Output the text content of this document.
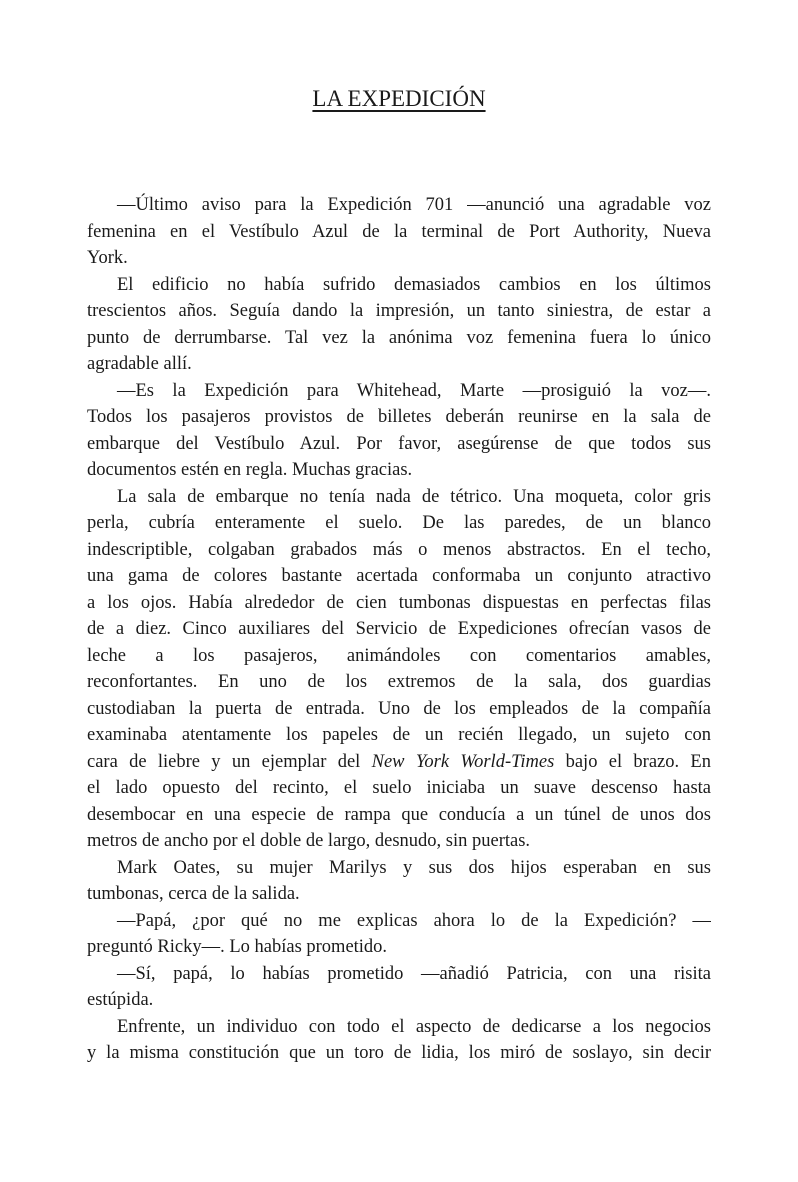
LA EXPEDICIÓN
—Último aviso para la Expedición 701 —anunció una agradable voz
femenina en el Vestíbulo Azul de la terminal de Port Authority, Nueva
York.
El edificio no había sufrido demasiados cambios en los últimos
trescientos años. Seguía dando la impresión, un tanto siniestra, de estar a
punto de derrumbarse. Tal vez la anónima voz femenina fuera lo único
agradable allí.
—Es la Expedición para Whitehead, Marte —prosiguió la voz—.
Todos los pasajeros provistos de billetes deberán reunirse en la sala de
embarque del Vestíbulo Azul. Por favor, asegúrense de que todos sus
documentos estén en regla. Muchas gracias.
La sala de embarque no tenía nada de tétrico. Una moqueta, color gris
perla, cubría enteramente el suelo. De las paredes, de un blanco
indescriptible, colgaban grabados más o menos abstractos. En el techo,
una gama de colores bastante acertada conformaba un conjunto atractivo
a los ojos. Había alrededor de cien tumbonas dispuestas en perfectas filas
de a diez. Cinco auxiliares del Servicio de Expediciones ofrecían vasos de
leche a los pasajeros, animándoles con comentarios amables,
reconfortantes. En uno de los extremos de la sala, dos guardias
custodiaban la puerta de entrada. Uno de los empleados de la compañía
examinaba atentamente los papeles de un recién llegado, un sujeto con
cara de liebre y un ejemplar del New York World-Times bajo el brazo. En
el lado opuesto del recinto, el suelo iniciaba un suave descenso hasta
desembocar en una especie de rampa que conducía a un túnel de unos dos
metros de ancho por el doble de largo, desnudo, sin puertas.
Mark Oates, su mujer Marilys y sus dos hijos esperaban en sus
tumbonas, cerca de la salida.
—Papá, ¿por qué no me explicas ahora lo de la Expedición? —
preguntó Ricky—. Lo habías prometido.
—Sí, papá, lo habías prometido —añadió Patricia, con una risita
estúpida.
Enfrente, un individuo con todo el aspecto de dedicarse a los negocios
y la misma constitución que un toro de lidia, los miró de soslayo, sin decir
